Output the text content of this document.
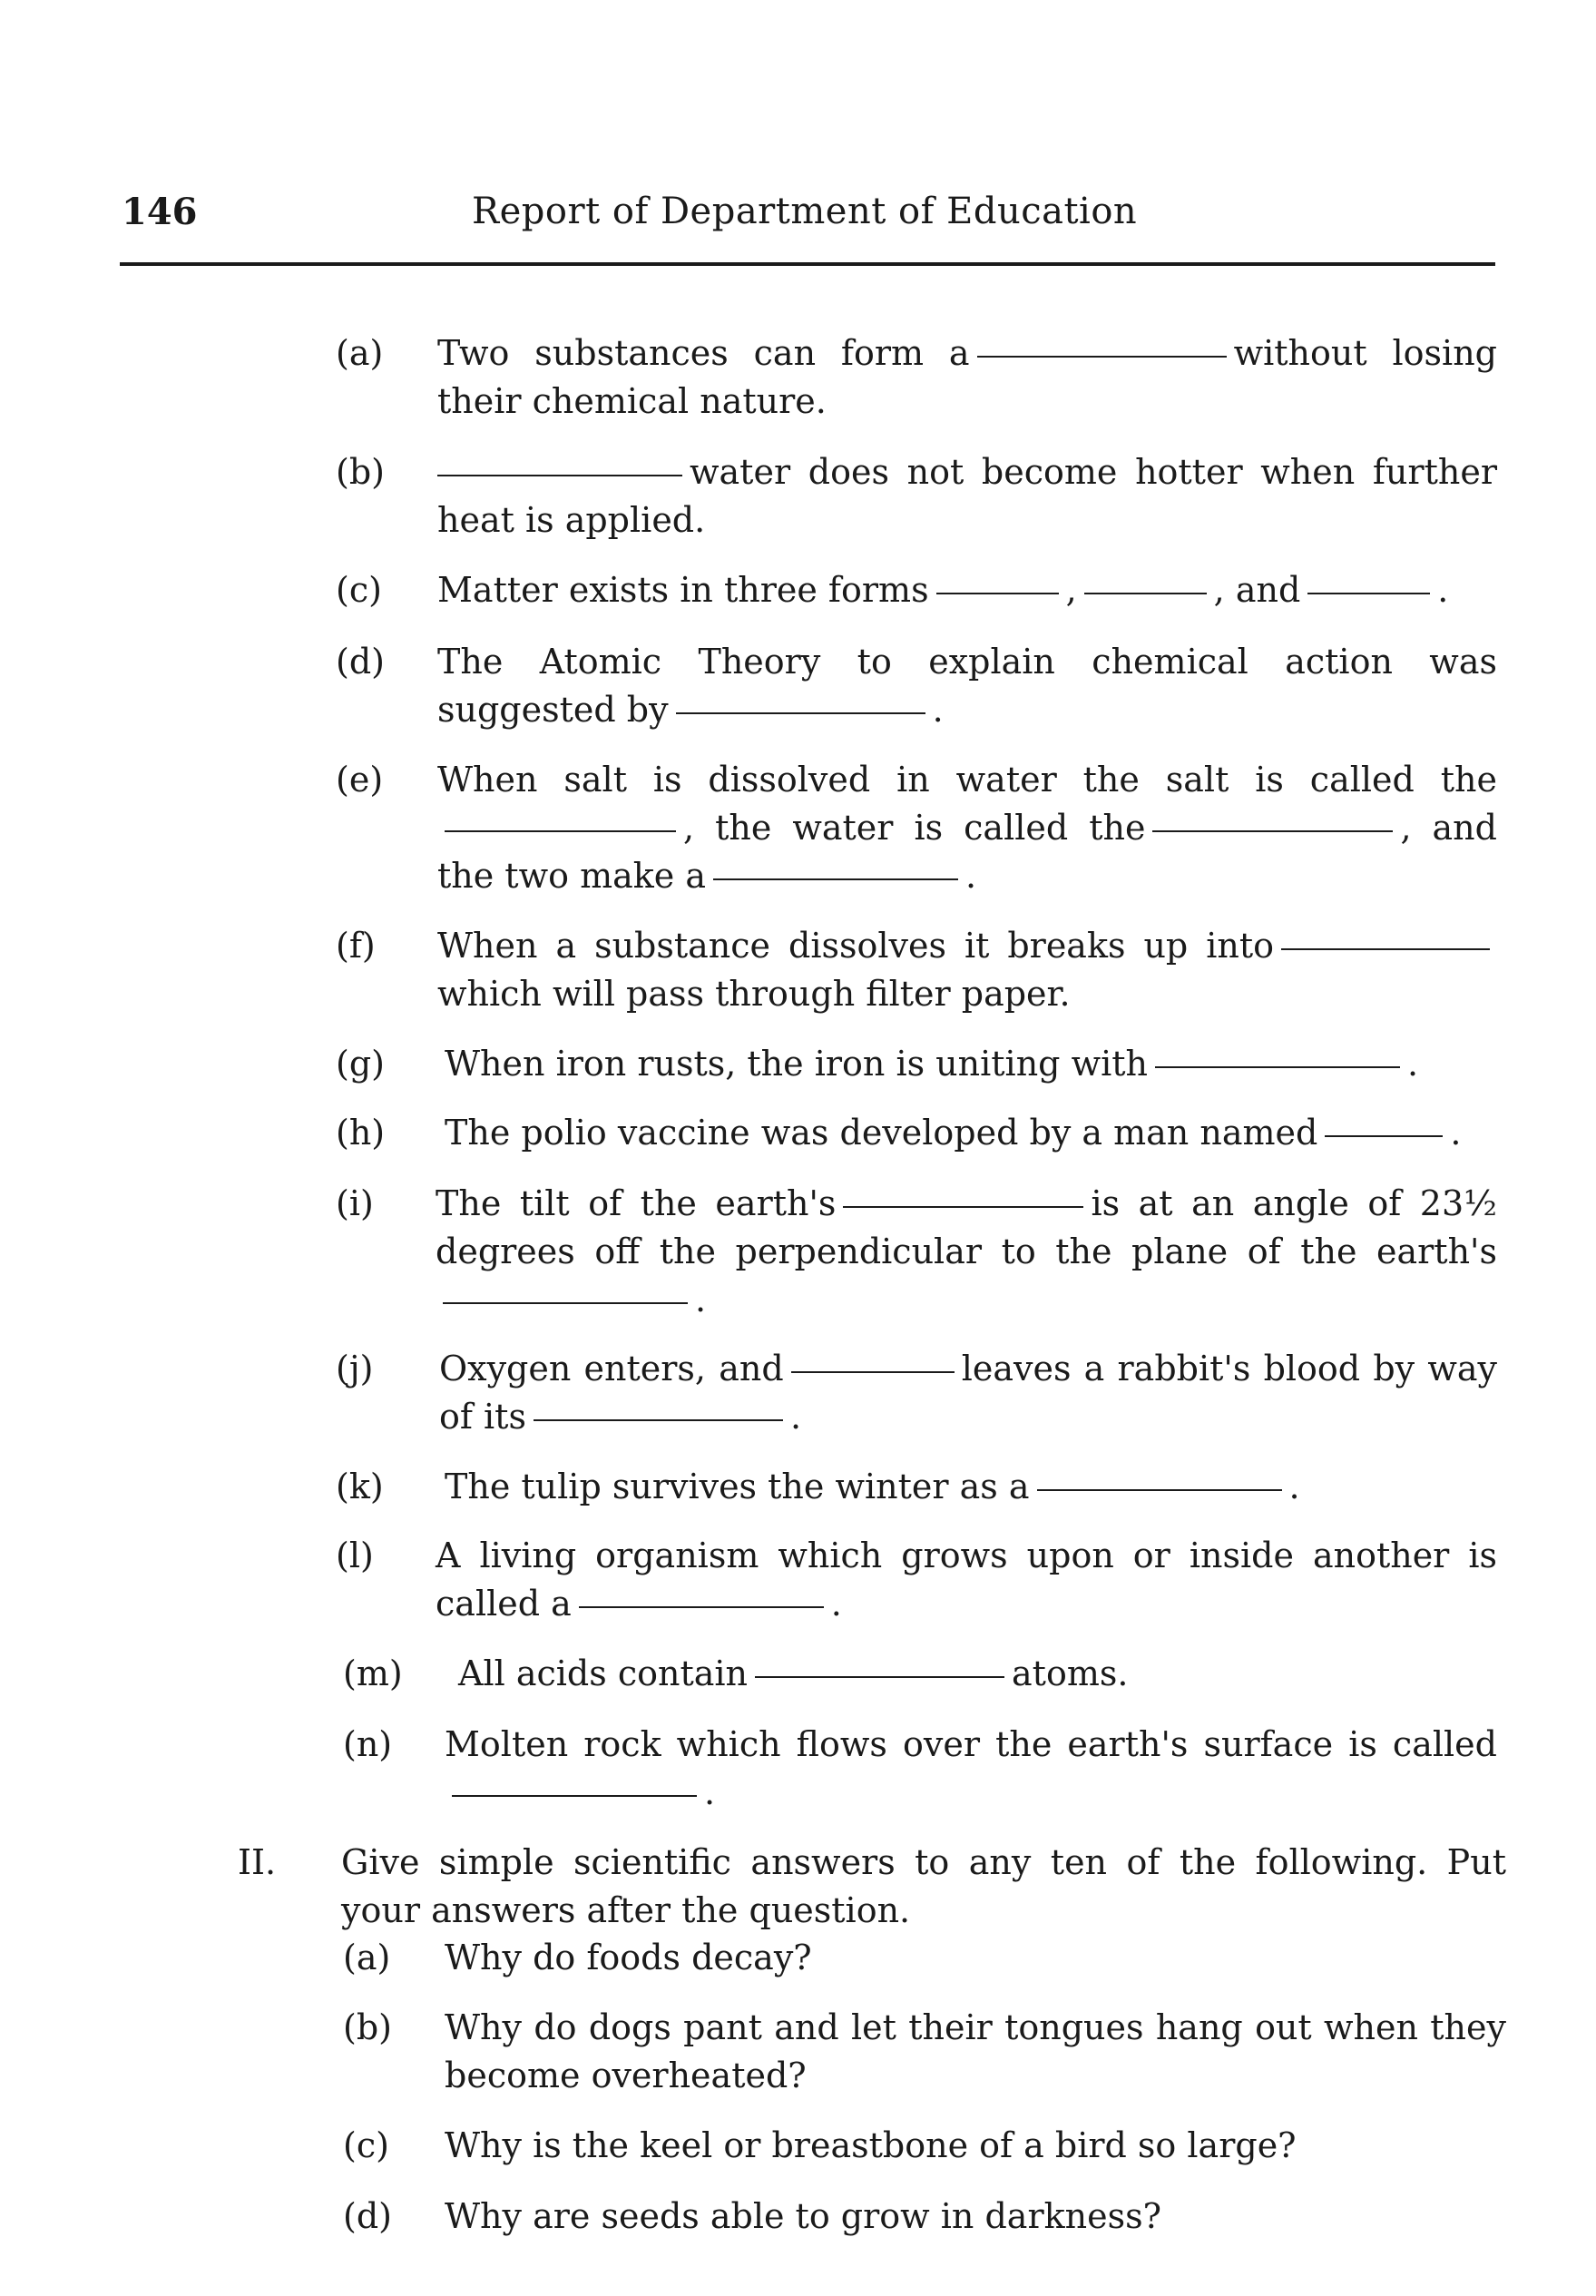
146	Report of Department of Education
(a) Two substances can form a	without losing their chemical nature.
(b)	water does not become hotter when further heat is applied.
(c) Matter exists in three forms	,	, and	.
(d) The Atomic Theory to explain chemical action was suggested by	.
(e) When salt is dissolved in water the salt is called the, the water is called the	, and the two make a	.
(f) When a substance dissolves it breaks up intowhich will pass through filter paper.
(g) When iron rusts, the iron is uniting with	.
(h) The polio vaccine was developed by a man named	.
(i) The tilt of the earth's	is at an angle of 23½ degrees off the perpendicular to the plane of the earth's.
(j) Oxygen enters, and	leaves a rabbit's blood by way of its	.
(k) The tulip survives the winter as a	.
(l) A living organism which grows upon or inside another is called a	.
(m) All acids contain	atoms.
(n) Molten rock which flows over the earth's surface is called.
II. Give simple scientific answers to any ten of the following. Put your answers after the question.
(a) Why do foods decay?
(b) Why do dogs pant and let their tongues hang out when they become overheated?
(c) Why is the keel or breastbone of a bird so large?
(d) Why are seeds able to grow in darkness?
